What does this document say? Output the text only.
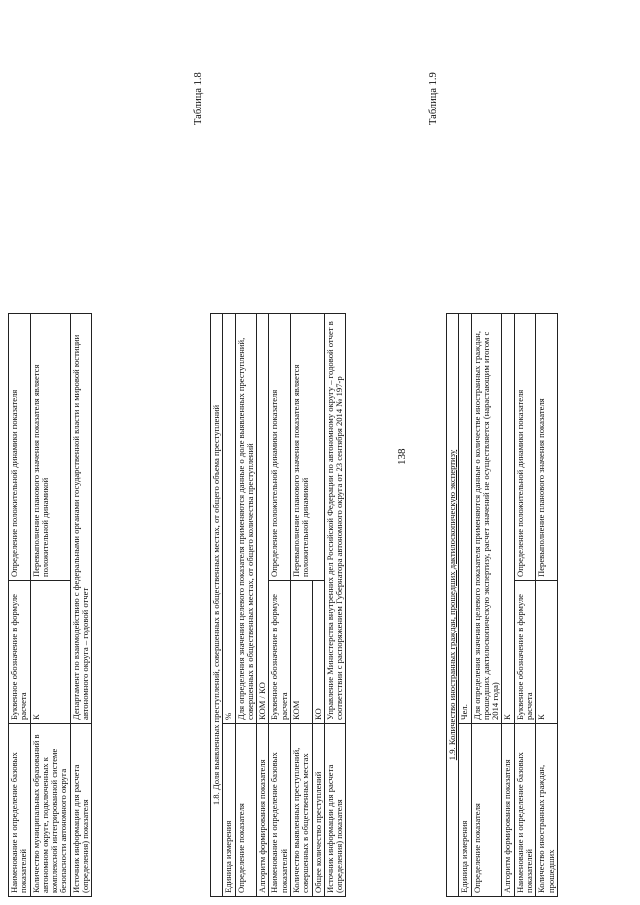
138
Наименование и определение базовых показателей	Буквенное обозначение в формуле расчета	Определение положительной динамики показателя
Количество муниципальных образований в автономном округе, подключенных к комплексной интегрированной системе безопасности автономного округа	К	Перевыполнение планового значения показателя является положительной динамикой
Источник информации для расчета (определения) показателя	Департамент по взаимодействию с федеральными органами государственной власти и мировой юстиции автономного округа – годовой отчет	
Таблица 1.8
1.8. Доля выявленных преступлений, совершенных в общественных местах, от общего объема преступлений		
Единица измерения	%	
Определение показателя	Для определения значения целевого показателя применяются данные о доле выявленных преступлений, совершенных в общественных местах, от общего количества преступлений	
Алгоритм формирования показателя	КОМ / КО	
Наименование и определение базовых показателей	Буквенное обозначение в формуле расчета	Определение положительной динамики показателя
Количество выявленных преступлений, совершенных в общественных местах	КОМ	Перевыполнение планового значения показателя является положительной динамикой
Общее количество преступлений	КО	
Источник информации для расчета (определения) показателя	Управление Министерства внутренних дел Российской Федерации по автономному округу – годовой отчет в соответствии с распоряжением Губернатора автономного округа от 23 сентября 2014 № 197-р	
Таблица 1.9
1.9. Количество иностранных граждан, прошедших дактилоскопическую экспертизу		
Единица измерения	Чел.	
Определение показателя	Для определения значения целевого показателя применяются данные о количестве иностранных граждан, прошедших дактилоскопическую экспертизу, расчет значений не осуществляется (нарастающим итогом с 2014 года)	
Алгоритм формирования показателя	К	
Наименование и определение базовых показателей	Буквенное обозначение в формуле расчета	Определение положительной динамики показателя
Количество иностранных граждан, прошедших	К	Перевыполнение планового значения показателя
